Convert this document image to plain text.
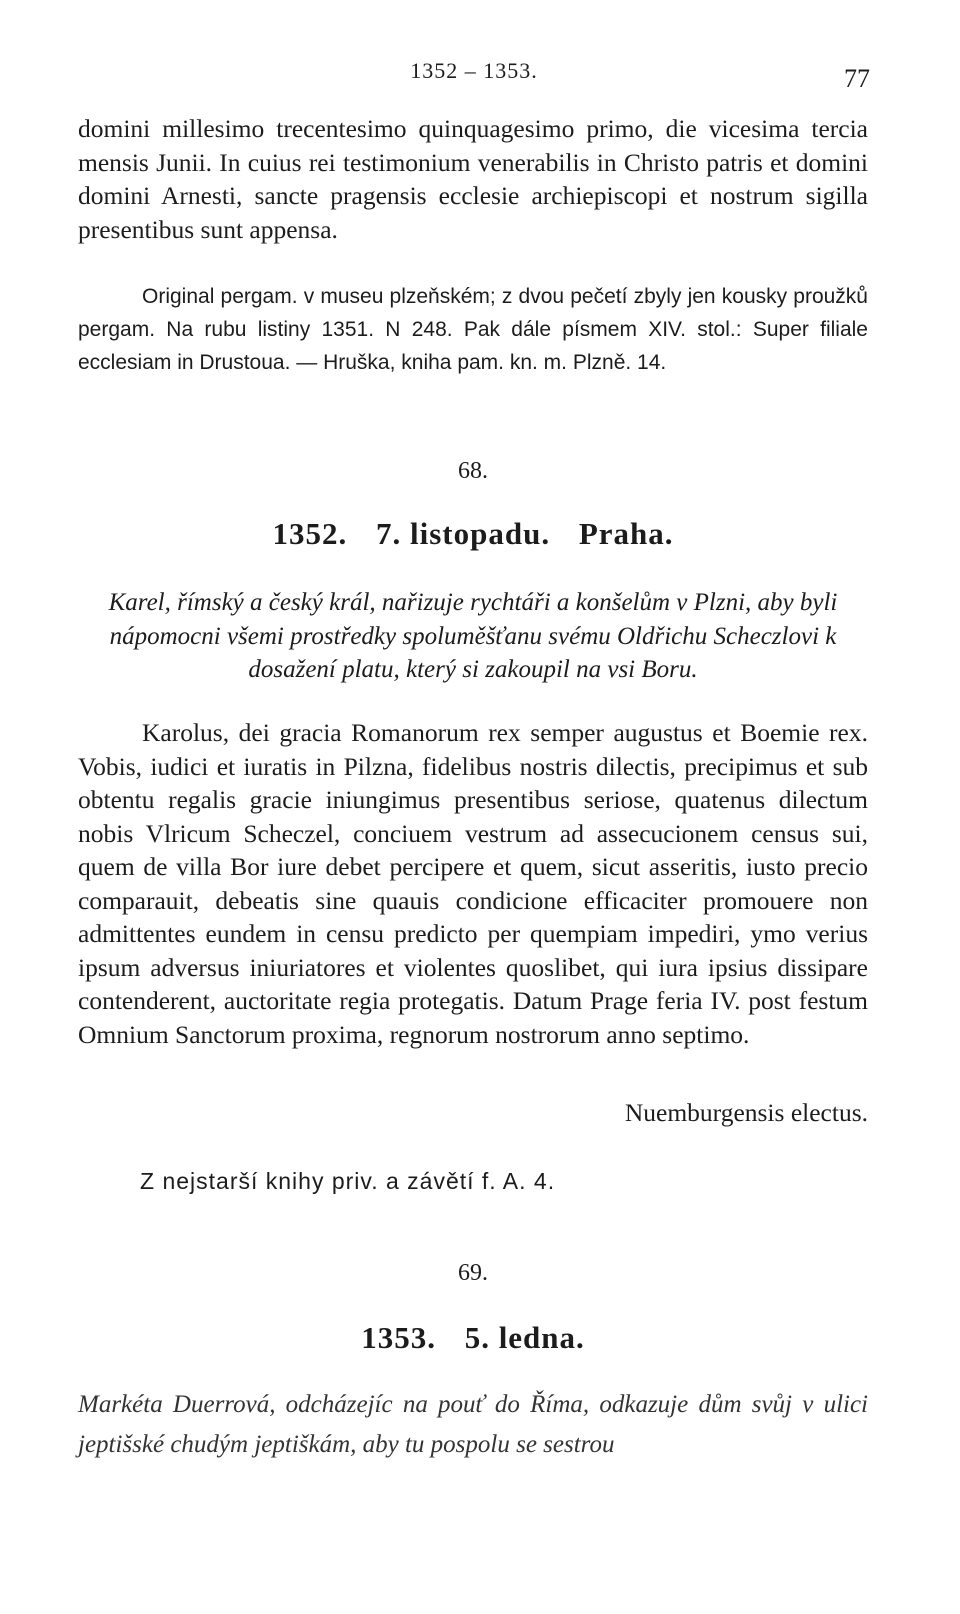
1352 – 1353.	77
domini millesimo trecentesimo quinquagesimo primo, die vicesima tercia mensis Junii. In cuius rei testimonium venerabilis in Christo patris et domini domini Arnesti, sancte pragensis ecclesie archiepiscopi et nostrum sigilla presentibus sunt appensa.
Original pergam. v museu plzeňském; z dvou pečetí zbyly jen kousky proužků pergam. Na rubu listiny 1351. N 248. Pak dále písmem XIV. stol.: Super filiale ecclesiam in Drustoua. — Hruška, kniha pam. kn. m. Plzně. 14.
68.
1352. 7. listopadu. Praha.
Karel, římský a český král, nařizuje rychtáři a konšelům v Plzni, aby byli nápomocni všemi prostředky spoluměšťanu svému Oldřichu Scheczlovi k dosažení platu, který si zakoupil na vsi Boru.
Karolus, dei gracia Romanorum rex semper augustus et Boemie rex. Vobis, iudici et iuratis in Pilzna, fidelibus nostris dilectis, precipimus et sub obtentu regalis gracie iniungimus presentibus seriose, quatenus dilectum nobis Vlricum Scheczel, conciuem vestrum ad assecucionem census sui, quem de villa Bor iure debet percipere et quem, sicut asseritis, iusto precio comparauit, debeatis sine quauis condicione efficaciter promouere non admittentes eundem in censu predicto per quempiam impediri, ymo verius ipsum adversus iniuriatores et violentes quoslibet, qui iura ipsius dissipare contenderent, auctoritate regia protegatis. Datum Prage feria IV. post festum Omnium Sanctorum proxima, regnorum nostrorum anno septimo.
Nuemburgensis electus.
Z nejstarší knihy priv. a závětí f. A. 4.
69.
1353. 5. ledna.
Markéta Duerrová, odcházejíc na pouť do Říma, odkazuje dům svůj v ulici jeptišské chudým jeptiškám, aby tu pospolu se sestrou
